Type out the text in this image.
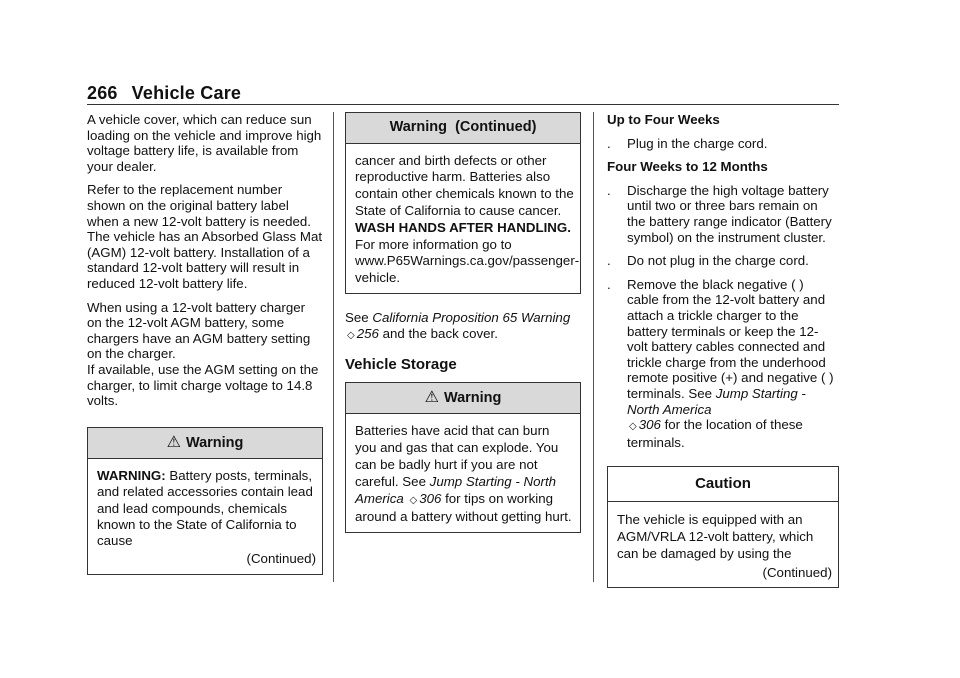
266 Vehicle Care

A vehicle cover, which can reduce sun loading on the vehicle and improve high voltage battery life, is available from your dealer.

Refer to the replacement number shown on the original battery label when a new 12-volt battery is needed. The vehicle has an Absorbed Glass Mat (AGM) 12-volt battery. Installation of a standard 12-volt battery will result in reduced 12-volt battery life.

When using a 12-volt battery charger on the 12-volt AGM battery, some chargers have an AGM battery setting on the charger.
If available, use the AGM setting on the charger, to limit charge voltage to 14.8 volts.

⚠ Warning

WARNING: Battery posts, terminals, and related accessories contain lead and lead compounds, chemicals known to the State of California to cause

(Continued)
Warning  (Continued)

cancer and birth defects or other reproductive harm. Batteries also contain other chemicals known to the State of California to cause cancer. WASH HANDS AFTER HANDLING. For more information go to www.P65Warnings.ca.gov/passenger-vehicle.

See California Proposition 65 Warning ◇ 256 and the back cover.

Vehicle Storage
⚠ Warning

Batteries have acid that can burn you and gas that can explode. You can be badly hurt if you are not careful. See Jump Starting - North America ◇ 306 for tips on working around a battery without getting hurt.

Up to Four Weeks

.	Plug in the charge cord.

Four Weeks to 12 Months

.	Discharge the high voltage battery until two or three bars remain on the battery range indicator (Battery symbol) on the instrument cluster.
.	Do not plug in the charge cord.
.	Remove the black negative ( ) cable from the 12-volt battery and attach a trickle charger to the battery terminals or keep the 12-volt battery cables connected and trickle charge from the underhood remote positive (+) and negative ( ) terminals. See Jump Starting - North America
◇ 306 for the location of these terminals.
Caution

The vehicle is equipped with an AGM/VRLA 12-volt battery, which can be damaged by using the

(Continued)
